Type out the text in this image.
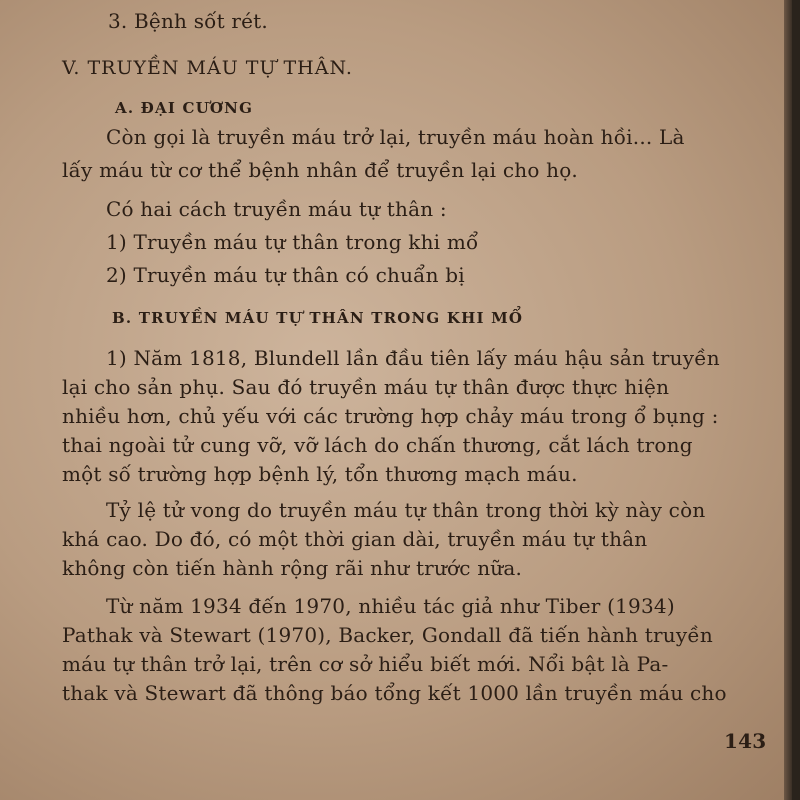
3. Bệnh sốt rét.
V. TRUYỀN MÁU TỰ THÂN.
A. ĐẠI CƯƠNG
Còn gọi là truyền máu trở lại, truyền máu hoàn hồi... Là
lấy máu từ cơ thể bệnh nhân để truyền lại cho họ.
Có hai cách truyền máu tự thân :
1) Truyền máu tự thân trong khi mổ
2) Truyền máu tự thân có chuẩn bị
B. TRUYỀN MÁU TỰ THÂN TRONG KHI MỔ
1) Năm 1818, Blundell lần đầu tiên lấy máu hậu sản truyền
lại cho sản phụ. Sau đó truyền máu tự thân được thực hiện
nhiều hơn, chủ yếu với các trường hợp chảy máu trong ổ bụng :
thai ngoài tử cung vỡ, vỡ lách do chấn thương, cắt lách trong
một số trường hợp bệnh lý, tổn thương mạch máu.
Tỷ lệ tử vong do truyền máu tự thân trong thời kỳ này còn
khá cao. Do đó, có một thời gian dài, truyền máu tự thân
không còn tiến hành rộng rãi như trước nữa.
Từ năm 1934 đến 1970, nhiều tác giả như Tiber (1934)
Pathak và Stewart (1970), Backer, Gondall đã tiến hành truyền
máu tự thân trở lại, trên cơ sở hiểu biết mới. Nổi bật là Pa-
thak và Stewart đã thông báo tổng kết 1000 lần truyền máu cho
143
